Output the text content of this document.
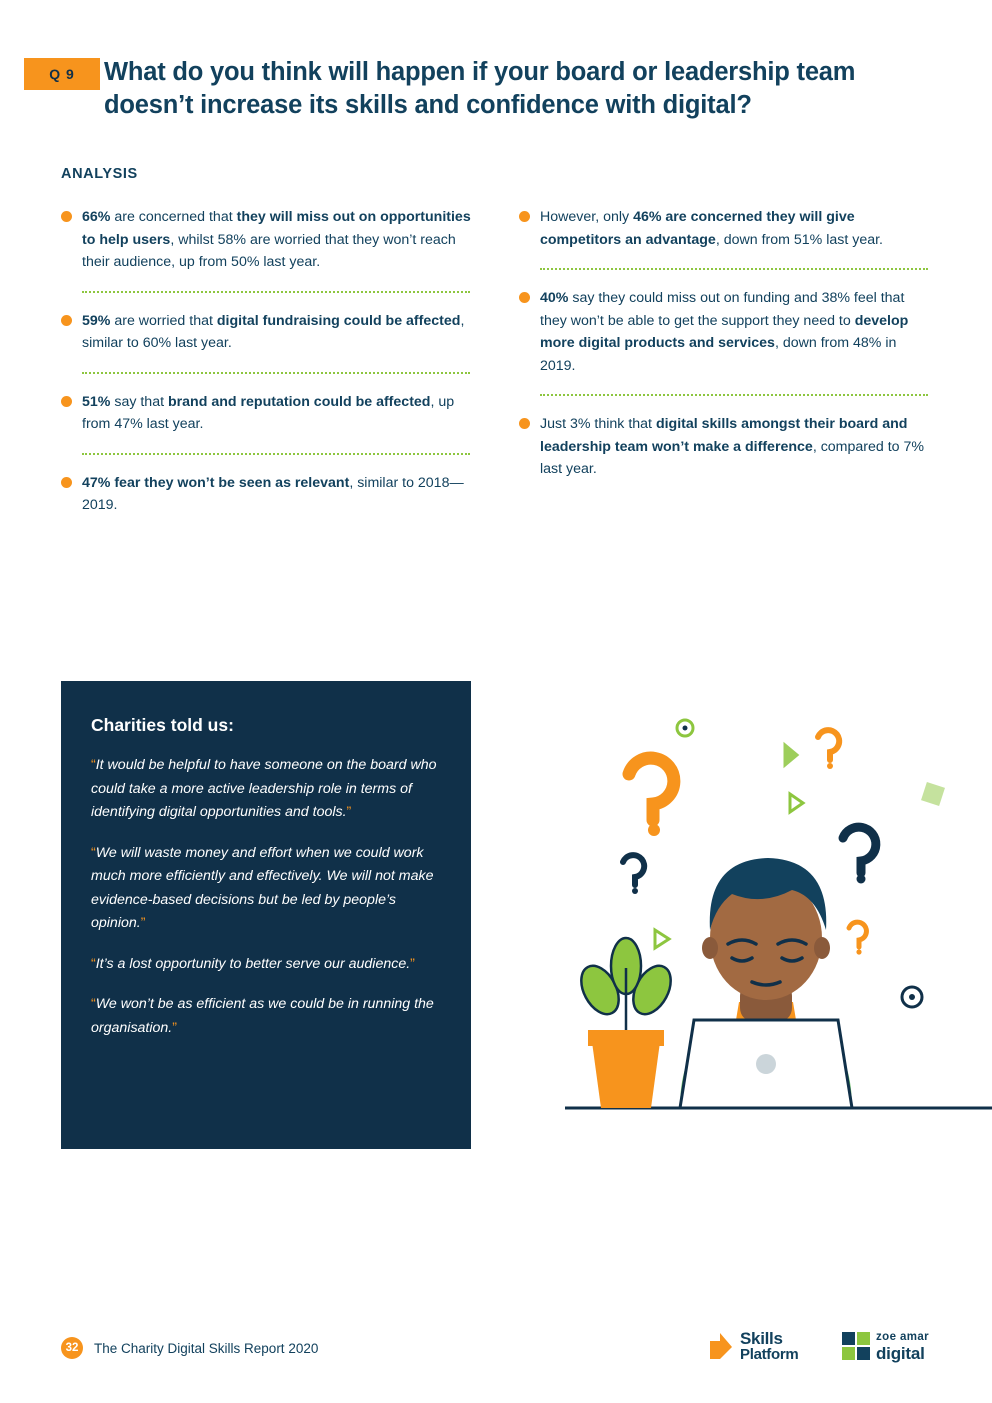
Q 9	What do you think will happen if your board or leadership team doesn’t increase its skills and confidence with digital?
ANALYSIS
66% are concerned that they will miss out on opportunities to help users, whilst 58% are worried that they won’t reach their audience, up from 50% last year.
59% are worried that digital fundraising could be affected, similar to 60% last year.
51% say that brand and reputation could be affected, up from 47% last year.
47% fear they won’t be seen as relevant, similar to 2018—2019.
However, only 46% are concerned they will give competitors an advantage, down from 51% last year.
40% say they could miss out on funding and 38% feel that they won’t be able to get the support they need to develop more digital products and services, down from 48% in 2019.
Just 3% think that digital skills amongst their board and leadership team won’t make a difference, compared to 7% last year.
Charities told us:
“It would be helpful to have someone on the board who could take a more active leadership role in terms of identifying digital opportunities and tools.”
“We will waste money and effort when we could work much more efficiently and effectively. We will not make evidence-based decisions but be led by people’s opinion.”
“It’s a lost opportunity to better serve our audience.”
“We won’t be as efficient as we could be in running the organisation.”
32	The Charity Digital Skills Report 2020
Skills
Platform
zoe amar
digital
